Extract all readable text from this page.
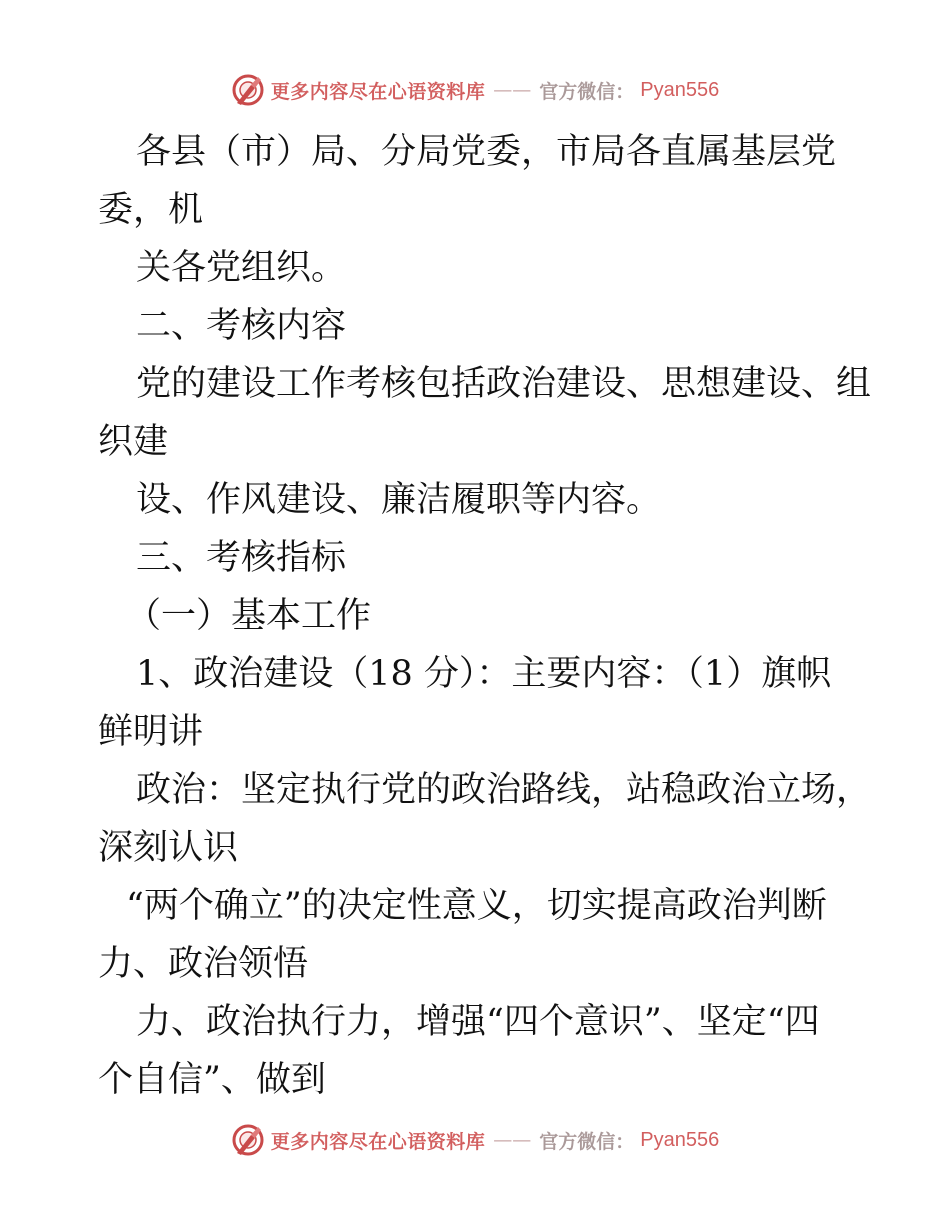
更多内容尽在心语资料库 —— 官方微信： Pyan556
各县（市）局、分局党委，市局各直属基层党
委，机
关各党组织。
二、考核内容
党的建设工作考核包括政治建设、思想建设、组
织建
设、作风建设、廉洁履职等内容。
三、考核指标
（一）基本工作
1、政治建设（18 分）：主要内容：（1）旗帜
鲜明讲
政治：坚定执行党的政治路线，站稳政治立场，
深刻认识
“两个确立”的决定性意义，切实提高政治判断
力、政治领悟
力、政治执行力，增强“四个意识”、坚定“四
个自信”、做到
更多内容尽在心语资料库 —— 官方微信： Pyan556
